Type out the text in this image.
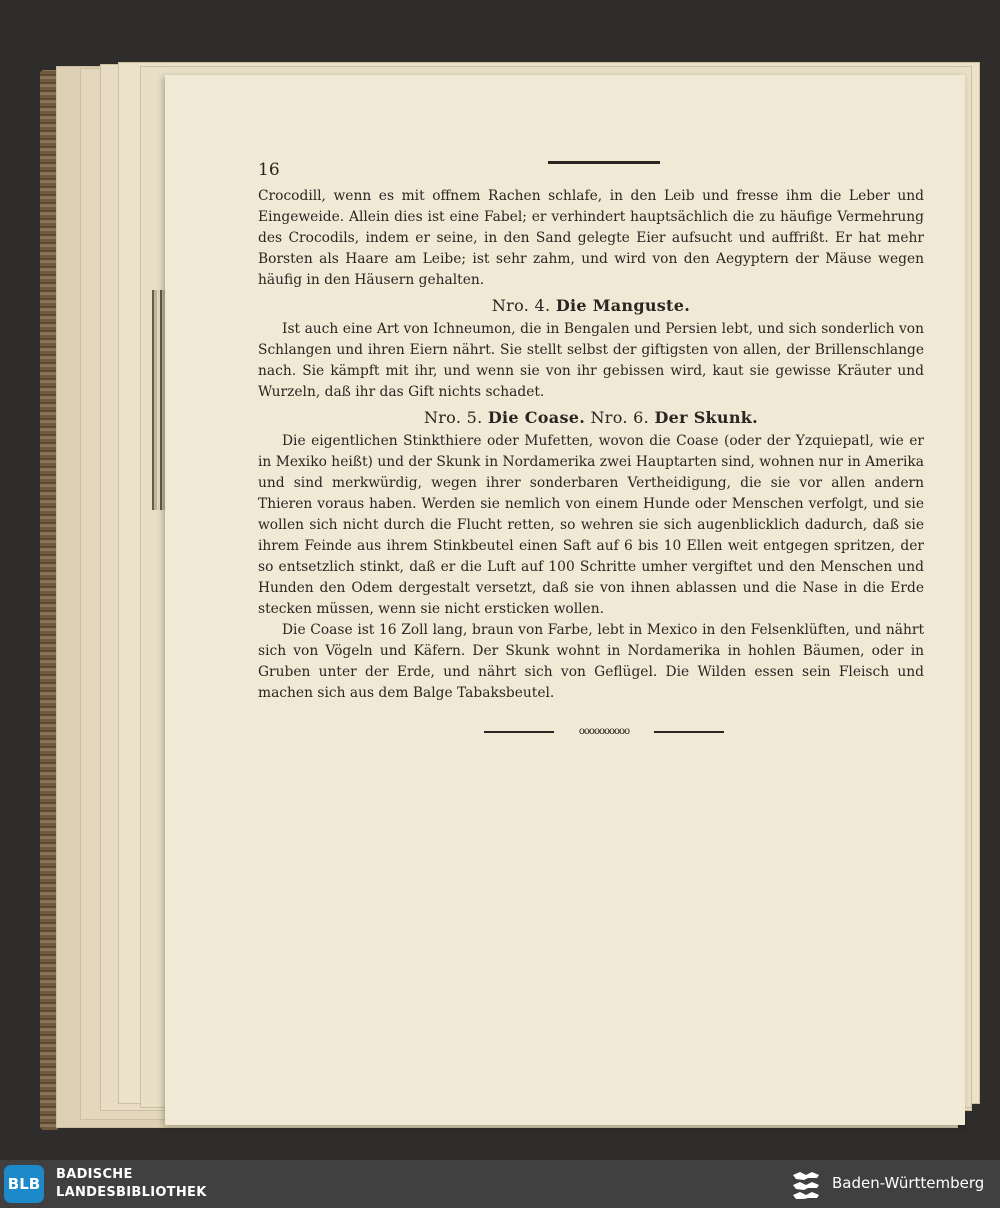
16

Crocodill, wenn es mit offnem Rachen schlafe, in den Leib und fresse ihm die Leber und Eingeweide. Allein dies ist eine Fabel; er verhindert hauptsächlich die zu häufige Vermehrung des Crocodils, indem er seine, in den Sand gelegte Eier aufsucht und auffrißt. Er hat mehr Borsten als Haare am Leibe; ist sehr zahm, und wird von den Aegyptern der Mäuse wegen häufig in den Häusern gehalten.

Nro. 4. Die Manguste.

Ist auch eine Art von Ichneumon, die in Bengalen und Persien lebt, und sich sonderlich von Schlangen und ihren Eiern nährt. Sie stellt selbst der giftigsten von allen, der Brillenschlange nach. Sie kämpft mit ihr, und wenn sie von ihr gebissen wird, kaut sie gewisse Kräuter und Wurzeln, daß ihr das Gift nichts schadet.

Nro. 5. Die Coase. Nro. 6. Der Skunk.

Die eigentlichen Stinkthiere oder Mufetten, wovon die Coase (oder der Yzquiepatl, wie er in Mexiko heißt) und der Skunk in Nordamerika zwei Hauptarten sind, wohnen nur in Amerika und sind merkwürdig, wegen ihrer sonderbaren Vertheidigung, die sie vor allen andern Thieren voraus haben. Werden sie nemlich von einem Hunde oder Menschen verfolgt, und sie wollen sich nicht durch die Flucht retten, so wehren sie sich augenblicklich dadurch, daß sie ihrem Feinde aus ihrem Stinkbeutel einen Saft auf 6 bis 10 Ellen weit entgegen spritzen, der so entsetzlich stinkt, daß er die Luft auf 100 Schritte umher vergiftet und den Menschen und Hunden den Odem dergestalt versetzt, daß sie von ihnen ablassen und die Nase in die Erde stecken müssen, wenn sie nicht ersticken wollen.

Die Coase ist 16 Zoll lang, braun von Farbe, lebt in Mexico in den Felsenklüften, und nährt sich von Vögeln und Käfern. Der Skunk wohnt in Nordamerika in hohlen Bäumen, oder in Gruben unter der Erde, und nährt sich von Geflügel. Die Wilden essen sein Fleisch und machen sich aus dem Balge Tabaksbeutel.

oooooooooo
BLB
BADISCHE
LANDESBIBLIOTHEK
Baden-Württemberg
